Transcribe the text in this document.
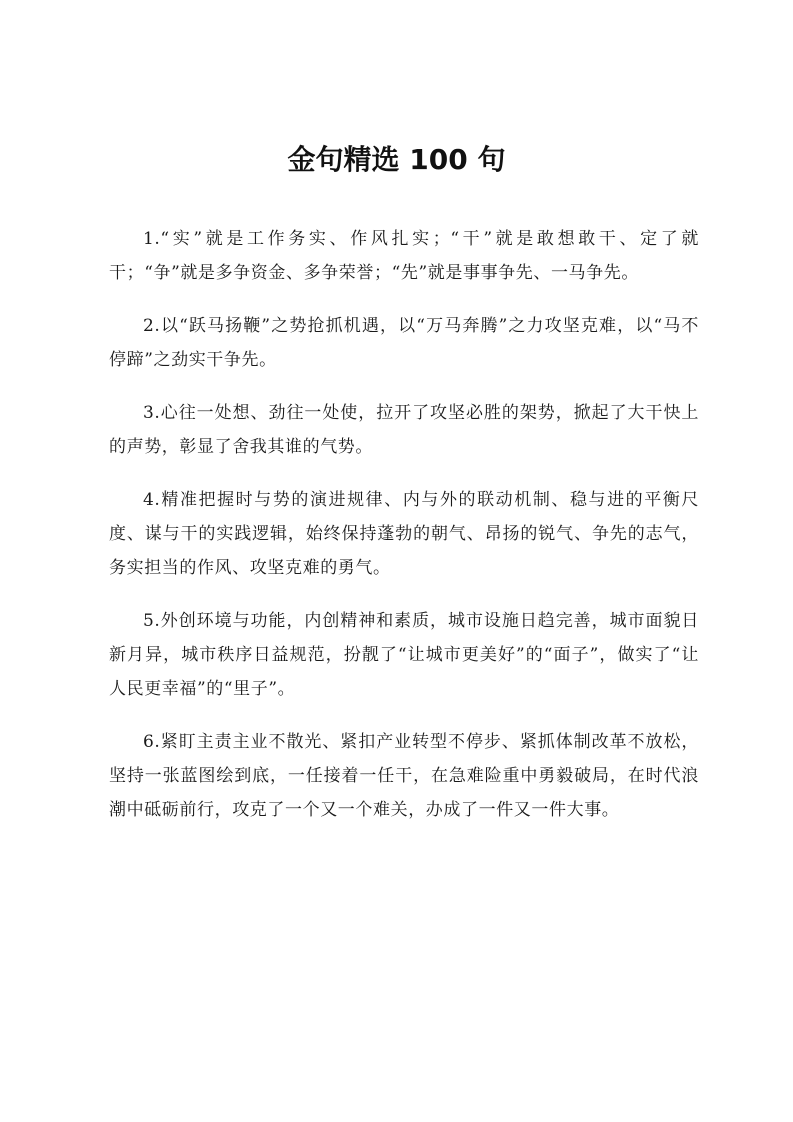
金句精选 100 句

1.“实”就是工作务实、作风扎实；“干”就是敢想敢干、定了就干；“争”就是多争资金、多争荣誉；“先”就是事事争先、一马争先。

2.以“跃马扬鞭”之势抢抓机遇，以“万马奔腾”之力攻坚克难，以“马不停蹄”之劲实干争先。

3.心往一处想、劲往一处使，拉开了攻坚必胜的架势，掀起了大干快上的声势，彰显了舍我其谁的气势。

4.精准把握时与势的演进规律、内与外的联动机制、稳与进的平衡尺度、谋与干的实践逻辑，始终保持蓬勃的朝气、昂扬的锐气、争先的志气，务实担当的作风、攻坚克难的勇气。

5.外创环境与功能，内创精神和素质，城市设施日趋完善，城市面貌日新月异，城市秩序日益规范，扮靓了“让城市更美好”的“面子”，做实了“让人民更幸福”的“里子”。

6.紧盯主责主业不散光、紧扣产业转型不停步、紧抓体制改革不放松，坚持一张蓝图绘到底，一任接着一任干，在急难险重中勇毅破局，在时代浪潮中砥砺前行，攻克了一个又一个难关，办成了一件又一件大事。
